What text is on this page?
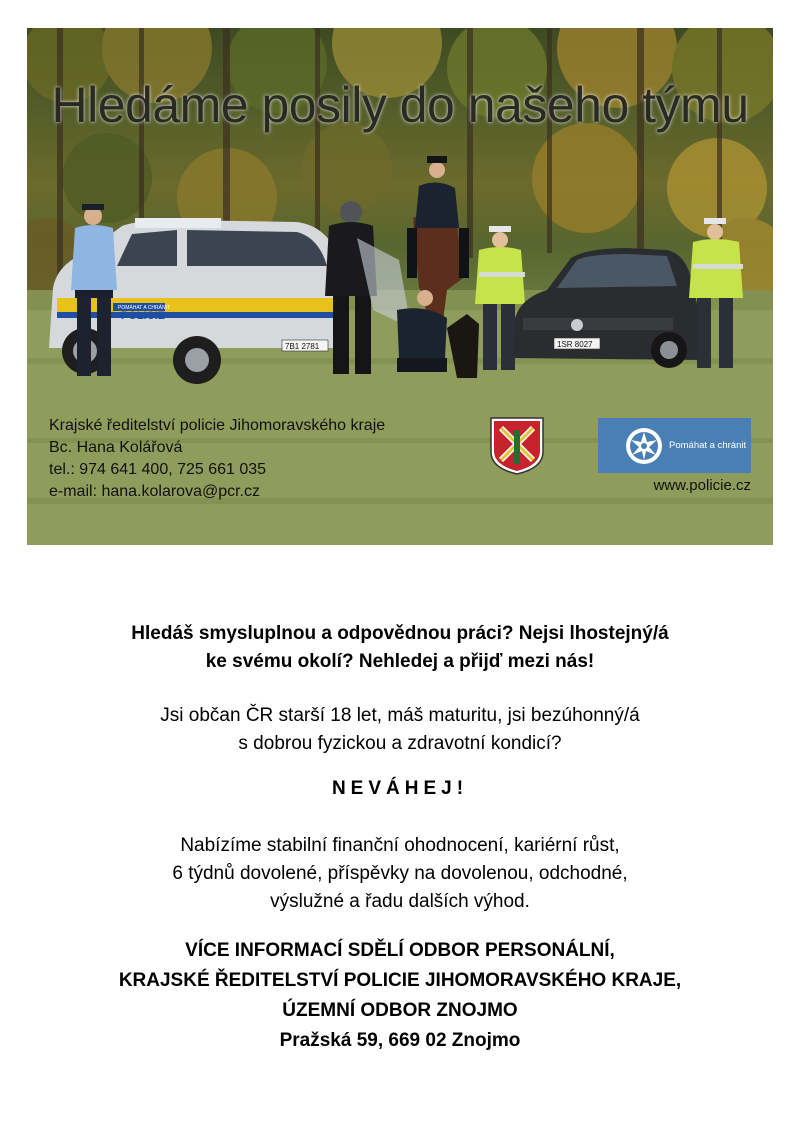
POMÁHAT A CHRÁNIT
POLICIE
7B1 2781	1SR 8027
Hledáme posily do našeho týmu
Krajské ředitelství policie Jihomoravského kraje
Bc. Hana Kolářová
tel.: 974 641 400, 725 661 035
e-mail: hana.kolarova@pcr.cz
Pomáhat a chránit
www.policie.cz
Hledáš smysluplnou a odpovědnou práci? Nejsi lhostejný/á
ke svému okolí? Nehledej a přijď mezi nás!
Jsi občan ČR starší 18 let, máš maturitu, jsi bezúhonný/á
s dobrou fyzickou a zdravotní kondicí?
NEVÁHEJ!
Nabízíme stabilní finanční ohodnocení, kariérní růst,
6 týdnů dovolené, příspěvky na dovolenou, odchodné,
výslužné a řadu dalších výhod.
VÍCE INFORMACÍ SDĚLÍ ODBOR PERSONÁLNÍ,
KRAJSKÉ ŘEDITELSTVÍ POLICIE JIHOMORAVSKÉHO KRAJE,
ÚZEMNÍ ODBOR ZNOJMO
Pražská 59, 669 02 Znojmo
